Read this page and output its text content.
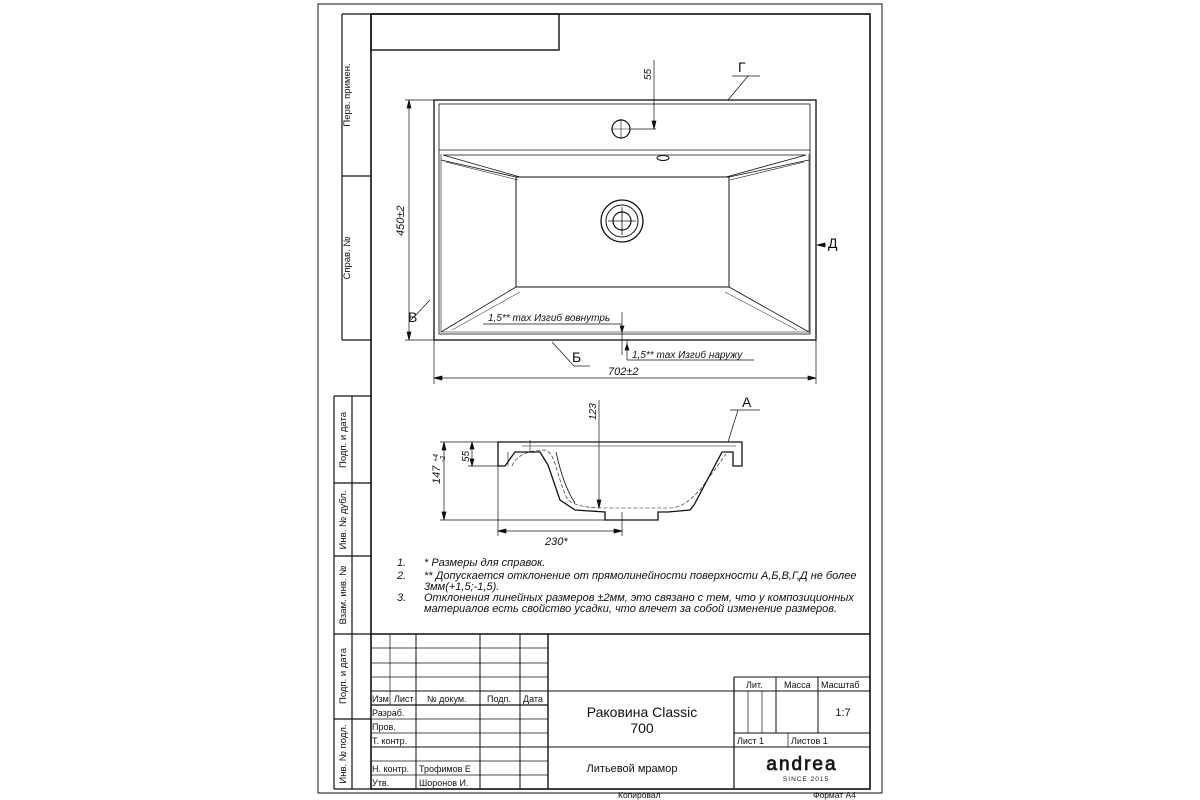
Перв. примен.
Справ. №
Подп. и дата
Инв. № дубл.
Взам. инв. №
Подп. и дата
Инв. № подл.
Г
Д
В
Б
55
450±2
702±2
1,5** max Изгиб вовнутрь
1,5** max Изгиб наружу
А
123
55
147
+4-2
230*
1. * Размеры для справок.
2. ** Допускается отклонение от прямолинейности поверхности А,Б,В,Г,Д не более
3мм(+1,5;-1,5).
3. Отклонения линейных размеров ±2мм, это связано с тем, что у композиционных
материалов есть свойство усадки, что влечет за собой изменение размеров.
Изм Лист № докум. Подп. Дата
Разраб.
Пров.
Т. контр.
Н. контр.
Утв.
Трофимов Е
Шоронов И.
Раковина Classic
700
Литьевой мрамор
Лит. Масса Масштаб
1:7
Лист 1	Листов 1
andrea
SINCE 2015
Копировал	Формат А4
